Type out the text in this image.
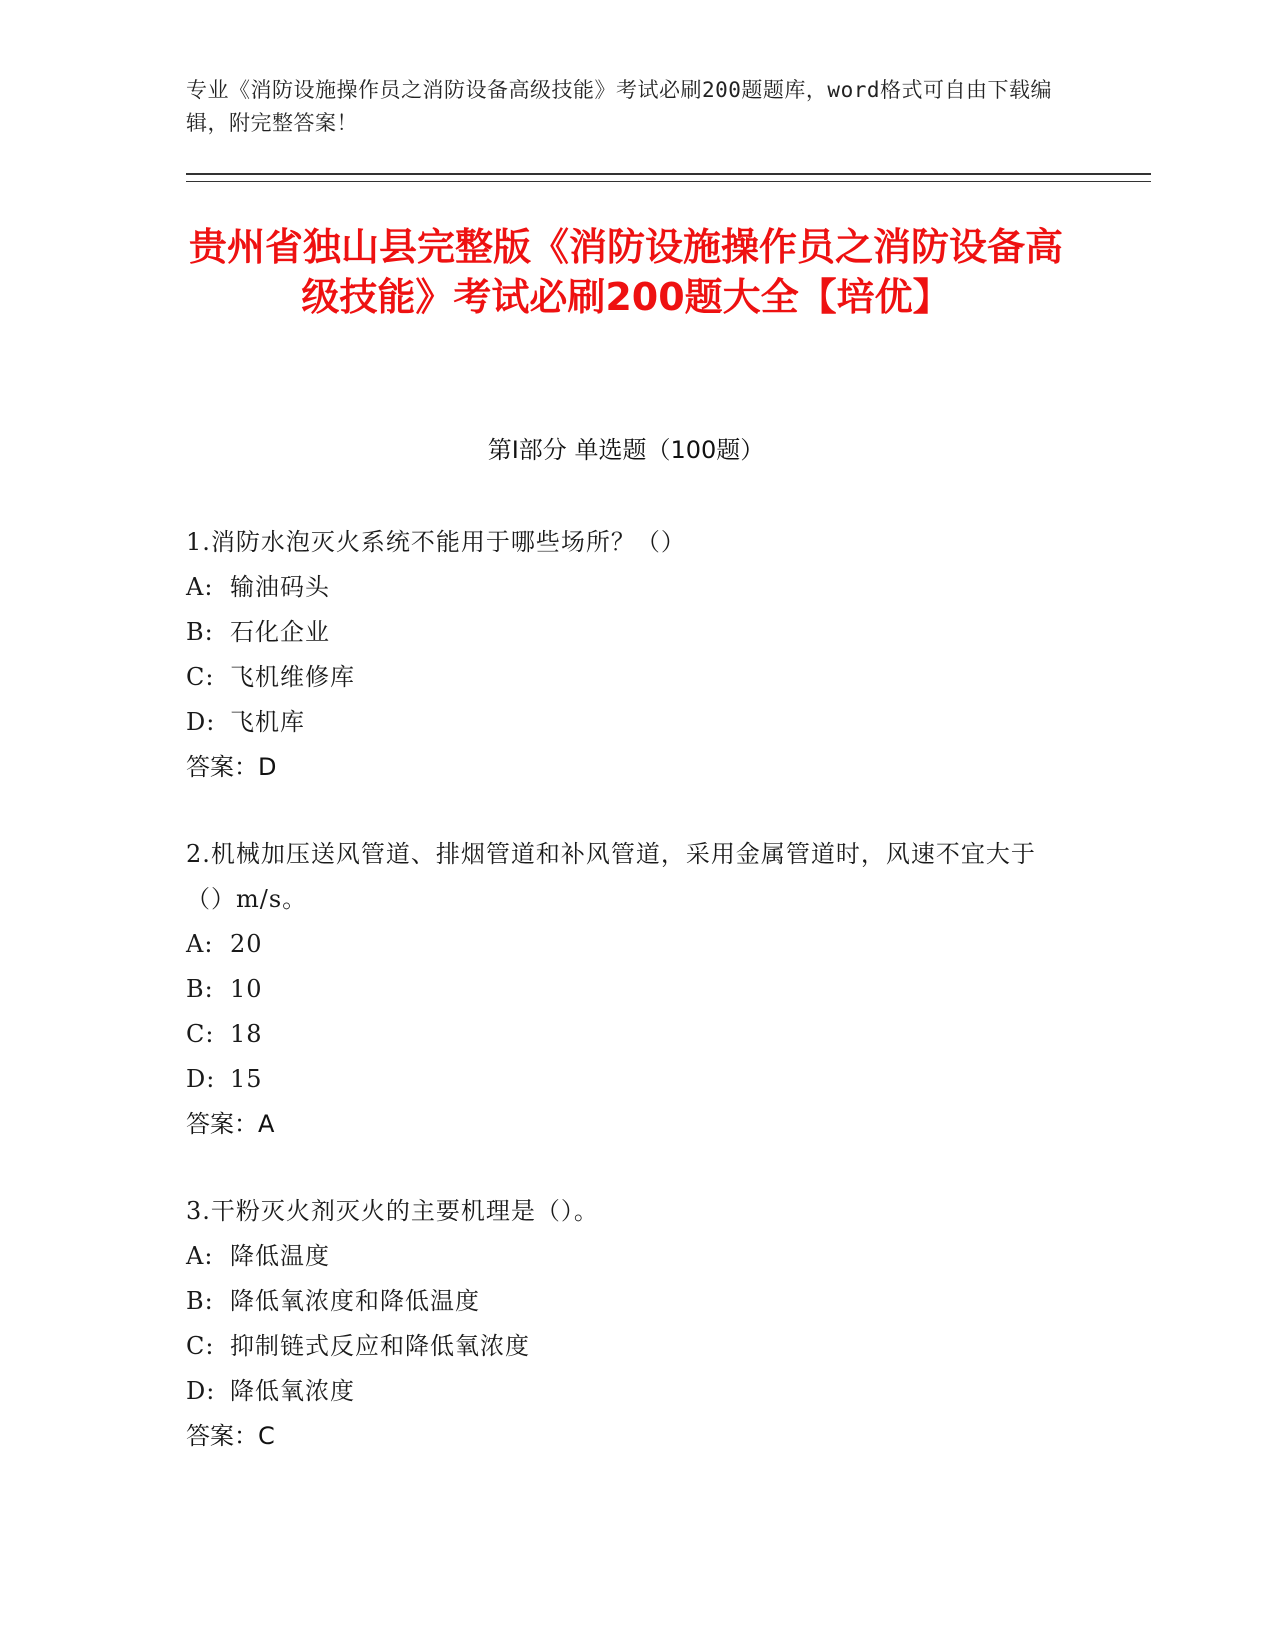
专业《消防设施操作员之消防设备高级技能》考试必刷200题题库，word格式可自由下载编辑，附完整答案！
贵州省独山县完整版《消防设施操作员之消防设备高级技能》考试必刷200题大全【培优】
第I部分 单选题（100题）
1.消防水泡灭火系统不能用于哪些场所？（）
A: 输油码头
B: 石化企业
C: 飞机维修库
D: 飞机库
答案：D
2.机械加压送风管道、排烟管道和补风管道，采用金属管道时，风速不宜大于（）m/s。
A: 20
B: 10
C: 18
D: 15
答案：A
3.干粉灭火剂灭火的主要机理是（）。
A: 降低温度
B: 降低氧浓度和降低温度
C: 抑制链式反应和降低氧浓度
D: 降低氧浓度
答案：C
